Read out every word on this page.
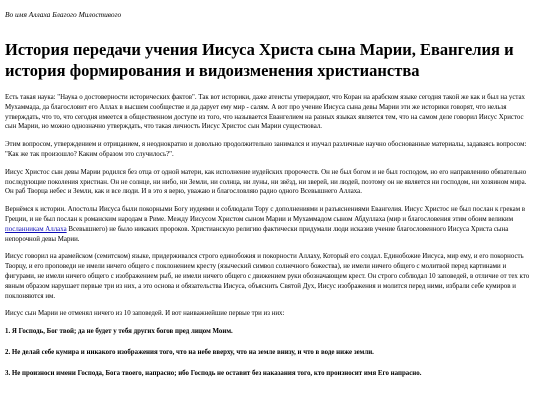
Во имя Аллаха Благого Милостивого
История передачи учения Иисуса Христа сына Марии, Евангелия и история формирования и видоизменения христианства

Есть такая наука: "Наука о достоверности исторических фактов". Так вот историки, даже атеисты утверждают, что Коран на арабском языке сегодня такой же как и был на устах Мухаммада, да благословит его Аллах в высшем сообществе и да дарует ему мир - салям. А вот про учение Иисуса сына девы Марии эти же историки говорят, что нельзя утверждать, что то, что сегодня имеется в общественном доступе из того, что называется Евангелием на разных языках является тем, что на самом деле говорил Иисус Христос сын Марии, но можно однозначно утверждать, что такая личность Иисус Христос сын Марии существовал.

Этим вопросом, утверждением и отрицанием, я неоднократно и довольно продолжительно занимался и изучал различные научно обоснованные материалы, задаваясь вопросом: "Как же так произошло? Каким образом это случилось?".

Иисус Христос сын девы Марии родился без отца от одной матери, как исполнение иудейских пророчеств. Он не был богом и не был господом, но его направлению обязательно последующие поколения христиан. Он не солнце, ни нибо, ни Земли, ни солнца, ни луны, ни звёзд, ни зверей, ни людей, поэтому он не является ни господом, ни хозяином мира. Он раб Творца небес и Земли, как и все люди. И в это я верю, уважаю и благословляю радио одного Всевышнего Аллаха.

Вернёмся к истории. Апостолы Иисуса были покорными Богу иудеями и соблюдали Тору с дополнениями и разъяснениями Евангелия. Иисус Христос не был послан к грекам в Греции, и не был послан к романским народам в Риме. Между Иисусом Христом сыном Марии и Мухаммадом сыном Абдуллаха (мир и благословения этим обоим великим посланникам Аллаха Всевышнего) не было никаких пророков. Христианскую религию фактически придумали люди исказив учение благословенного Иисуса Христа сына непорочной девы Марии.

Иисус говорил на арамейском (семитском) языке, придерживался строго единобожия и покорности Аллаху, Который его создал. Единобожие Иисуса, мир ему, и его покорность Творцу, и его проповеди не имели ничего общего с поклонением кресту (языческий символ солнечного божества), не имели ничего общего с молитвой перед картинами и фигурами, не имели ничего общего с изображением рыб, не имели ничего общего с движением руки обозначающем крест. Он строго соблюдал 10 заповедей, в отличие от тех кто явным образом нарушает первые три из них, а это основа и обязательства Иисуса, объяснить Святой Дух, Иисус изображения и молится перед ними, избрали себе кумиров и поклоняются им.

Иисус сын Марии не отменял ничего из 10 заповедей. И вот наиважнейшие первые три из них:

1. Я Господь, Бог твой; да не будет у тебя других богов пред лицом Моим.

2. Не делай себе кумира и никакого изображения того, что на небе вверху, что на земле внизу, и что в воде ниже земли.

3. Не произноси имени Господа, Бога твоего, напрасно; ибо Господь не оставит без наказания того, кто произносит имя Его напрасно.
